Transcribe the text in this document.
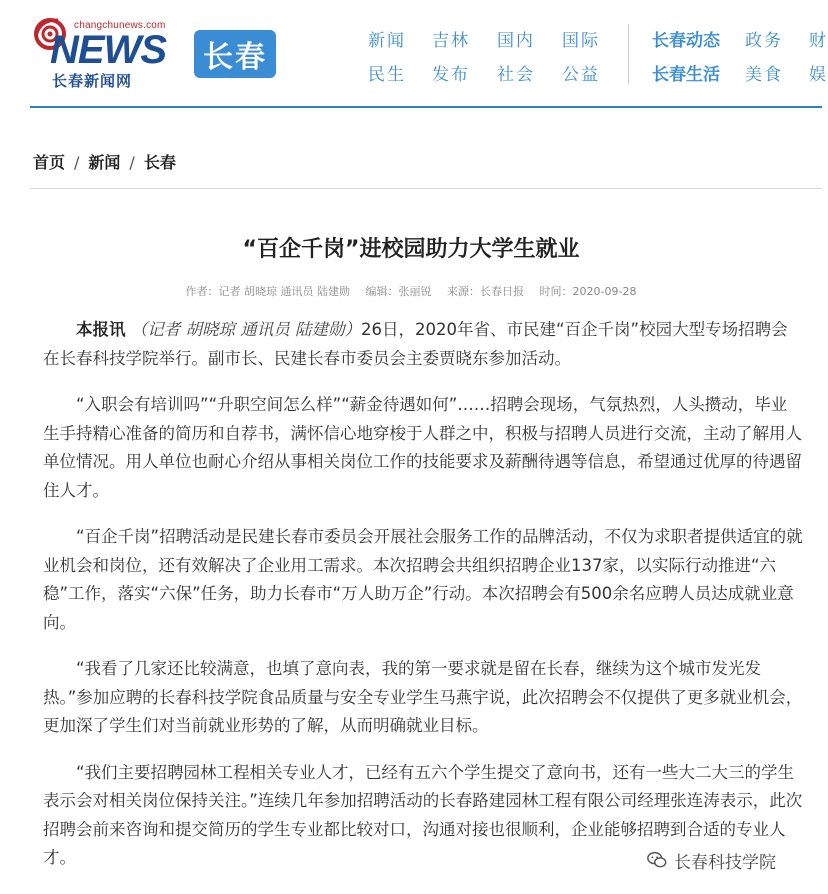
changchunews.com
NEWS
长春新闻网
长春	新闻 吉林 国内 国际
民生 发布 社会 公益
长春动态 政务 财
长春生活 美食 娱
首页 / 新闻 / 长春
“百企千岗”进校园助力大学生就业
作者：记者 胡晓琼 通讯员 陆建勋 编辑：张丽锐 来源：长春日报 时间：2020-09-28

本报讯 （记者 胡晓琼 通讯员 陆建勋）26日，2020年省、市民建“百企千岗”校园大型专场招聘会在长春科技学院举行。副市长、民建长春市委员会主委贾晓东参加活动。

“入职会有培训吗”“升职空间怎么样”“薪金待遇如何”……招聘会现场，气氛热烈，人头攒动，毕业生手持精心准备的简历和自荐书，满怀信心地穿梭于人群之中，积极与招聘人员进行交流，主动了解用人单位情况。用人单位也耐心介绍从事相关岗位工作的技能要求及薪酬待遇等信息，希望通过优厚的待遇留住人才。

“百企千岗”招聘活动是民建长春市委员会开展社会服务工作的品牌活动，不仅为求职者提供适宜的就业机会和岗位，还有效解决了企业用工需求。本次招聘会共组织招聘企业137家，以实际行动推进“六稳”工作，落实“六保”任务，助力长春市“万人助万企”行动。本次招聘会有500余名应聘人员达成就业意向。

“我看了几家还比较满意，也填了意向表，我的第一要求就是留在长春，继续为这个城市发光发热。”参加应聘的长春科技学院食品质量与安全专业学生马燕宇说，此次招聘会不仅提供了更多就业机会，更加深了学生们对当前就业形势的了解，从而明确就业目标。

“我们主要招聘园林工程相关专业人才，已经有五六个学生提交了意向书，还有一些大二大三的学生表示会对相关岗位保持关注。”连续几年参加招聘活动的长春路建园林工程有限公司经理张连涛表示，此次招聘会前来咨询和提交简历的学生专业都比较对口，沟通对接也很顺利，企业能够招聘到合适的专业人才。	长春科技学院
